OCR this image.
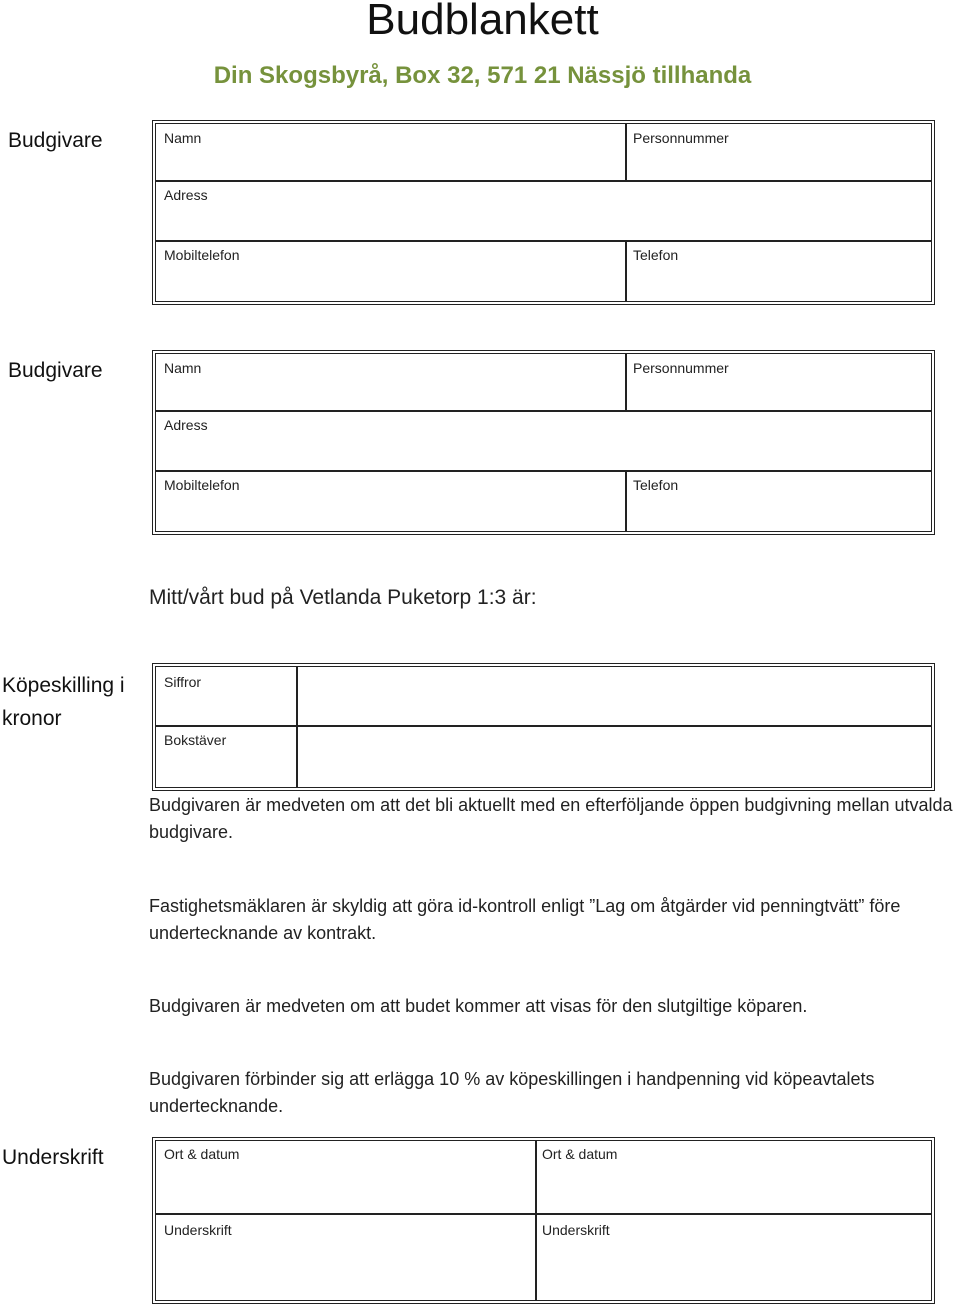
Budblankett
Din Skogsbyrå, Box 32, 571 21 Nässjö tillhanda
Budgivare	Namn	Personnummer
Adress
Mobiltelefon	Telefon
Budgivare	Namn	Personnummer
Adress
Mobiltelefon	Telefon
Mitt/vårt bud på Vetlanda Puketorp 1:3 är:
Köpeskilling i
kronor
Siffror
Bokstäver
Budgivaren är medveten om att det bli aktuellt med en efterföljande öppen budgivning mellan utvalda budgivare.
Fastighetsmäklaren är skyldig att göra id-kontroll enligt ”Lag om åtgärder vid penningtvätt” före undertecknande av kontrakt.
Budgivaren är medveten om att budet kommer att visas för den slutgiltige köparen.
Budgivaren förbinder sig att erlägga 10 % av köpeskillingen i handpenning vid köpeavtalets undertecknande.
Underskrift	Ort & datum	Ort & datum
Underskrift	Underskrift
